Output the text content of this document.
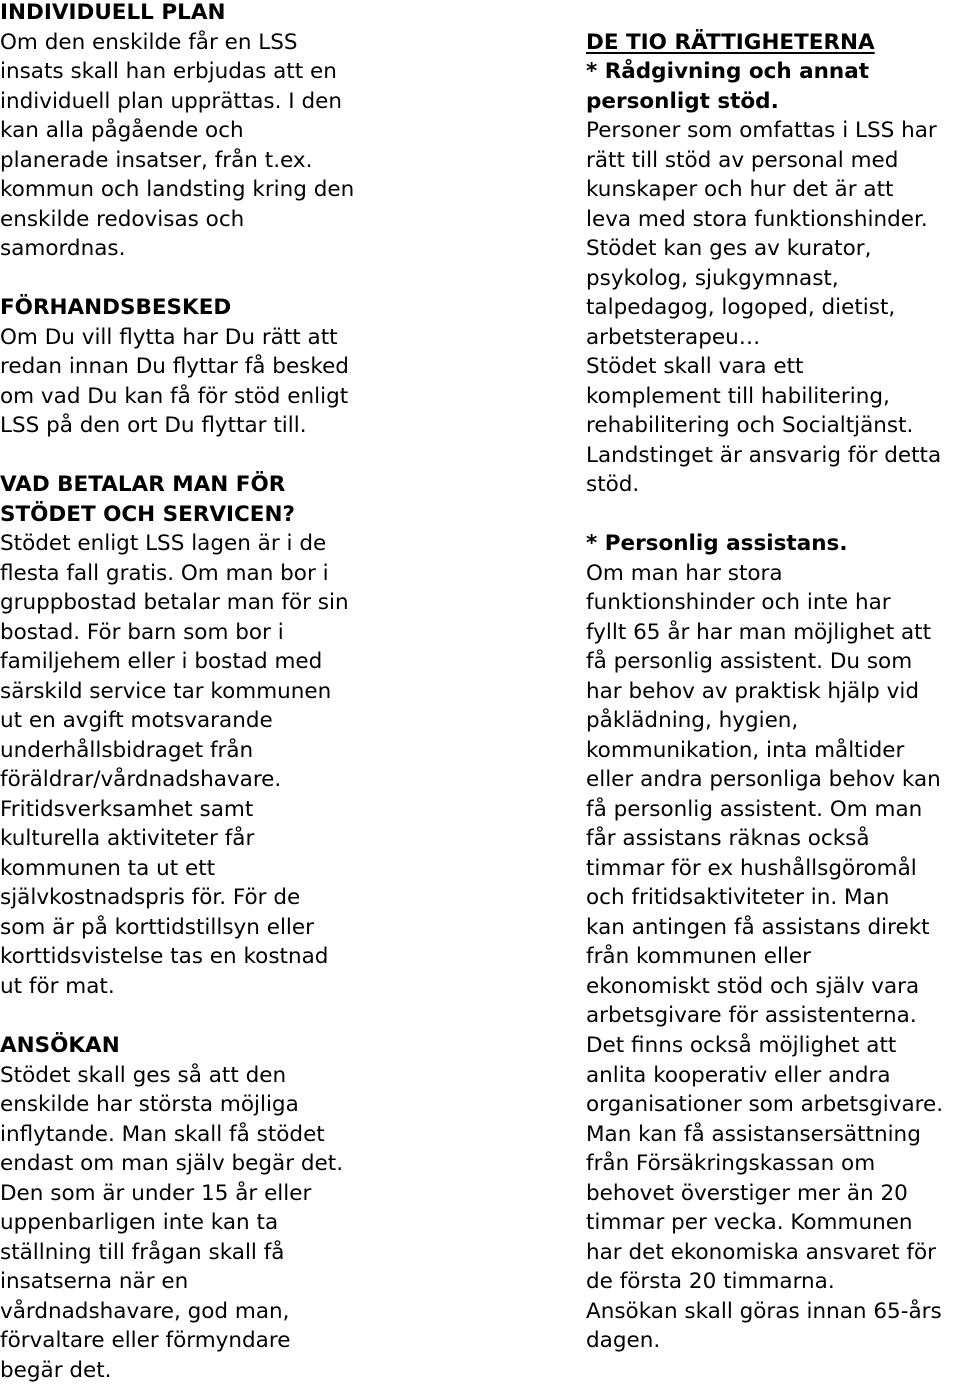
INDIVIDUELL PLAN
Om den enskilde får en LSS
insats skall han erbjudas att en
individuell plan upprättas. I den
kan alla pågående och
planerade insatser, från t.ex.
kommun och landsting kring den
enskilde redovisas och
samordnas.
FÖRHANDSBESKED
Om Du vill flytta har Du rätt att
redan innan Du flyttar få besked
om vad Du kan få för stöd enligt
LSS på den ort Du flyttar till.
VAD BETALAR MAN FÖR
STÖDET OCH SERVICEN?
Stödet enligt LSS lagen är i de
flesta fall gratis. Om man bor i
gruppbostad betalar man för sin
bostad. För barn som bor i
familjehem eller i bostad med
särskild service tar kommunen
ut en avgift motsvarande
underhållsbidraget från
föräldrar/vårdnadshavare.
Fritidsverksamhet samt
kulturella aktiviteter får
kommunen ta ut ett
självkostnadspris för. För de
som är på korttidstillsyn eller
korttidsvistelse tas en kostnad
ut för mat.
ANSÖKAN
Stödet skall ges så att den
enskilde har största möjliga
inflytande. Man skall få stödet
endast om man själv begär det.
Den som är under 15 år eller
uppenbarligen inte kan ta
ställning till frågan skall få
insatserna när en
vårdnadshavare, god man,
förvaltare eller förmyndare
begär det.
DE TIO RÄTTIGHETERNA
* Rådgivning och annat
personligt stöd.
Personer som omfattas i LSS har
rätt till stöd av personal med
kunskaper och hur det är att
leva med stora funktionshinder.
Stödet kan ges av kurator,
psykolog, sjukgymnast,
talpedagog, logoped, dietist,
arbetsterapeu…
Stödet skall vara ett
komplement till habilitering,
rehabilitering och Socialtjänst.
Landstinget är ansvarig för detta
stöd.
* Personlig assistans.
Om man har stora
funktionshinder och inte har
fyllt 65 år har man möjlighet att
få personlig assistent. Du som
har behov av praktisk hjälp vid
påklädning, hygien,
kommunikation, inta måltider
eller andra personliga behov kan
få personlig assistent. Om man
får assistans räknas också
timmar för ex hushållsgöromål
och fritidsaktiviteter in. Man
kan antingen få assistans direkt
från kommunen eller
ekonomiskt stöd och själv vara
arbetsgivare för assistenterna.
Det finns också möjlighet att
anlita kooperativ eller andra
organisationer som arbetsgivare.
Man kan få assistansersättning
från Försäkringskassan om
behovet överstiger mer än 20
timmar per vecka. Kommunen
har det ekonomiska ansvaret för
de första 20 timmarna.
Ansökan skall göras innan 65-års
dagen.
